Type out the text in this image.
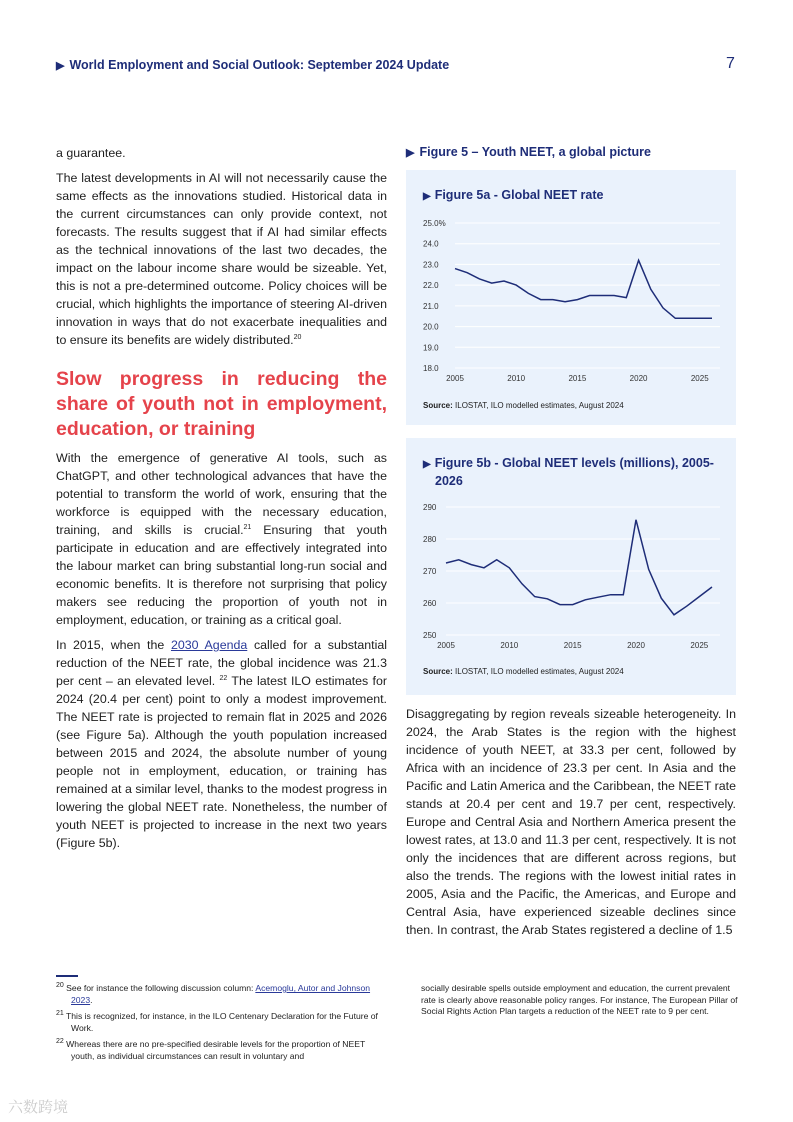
▶ World Employment and Social Outlook: September 2024 Update	7

a guarantee.

The latest developments in AI will not necessarily cause the same effects as the innovations studied. Historical data in the current circumstances can only provide context, not forecasts. The results suggest that if AI had similar effects as the technical innovations of the last two decades, the impact on the labour income share would be sizeable. Yet, this is not a pre-determined outcome. Policy choices will be crucial, which highlights the importance of steering AI-driven innovation in ways that do not exacerbate inequalities and to ensure its benefits are widely distributed.$^{20}$

Slow progress in reducing the share of youth not in employment, education, or training

With the emergence of generative AI tools, such as ChatGPT, and other technological advances that have the potential to transform the world of work, ensuring that the workforce is equipped with the necessary education, training, and skills is crucial.$^{21}$ Ensuring that youth participate in education and are effectively integrated into the labour market can bring substantial long-run social and economic benefits. It is therefore not surprising that policy makers see reducing the proportion of youth not in employment, education, or training as a critical goal.

In 2015, when the 2030 Agenda called for a substantial reduction of the NEET rate, the global incidence was 21.3 per cent – an elevated level. $^{22}$ The latest ILO estimates for 2024 (20.4 per cent) point to only a modest improvement. The NEET rate is projected to remain flat in 2025 and 2026 (see Figure 5a). Although the youth population increased between 2015 and 2024, the absolute number of young people not in employment, education, or training has remained at a similar level, thanks to the modest progress in lowering the global NEET rate. Nonetheless, the number of youth NEET is projected to increase in the next two years (Figure 5b).

▶ Figure 5 – Youth NEET, a global picture
▶ Figure 5a - Global NEET rate
18.0
19.0
20.0
21.0
22.0
23.0
24.0
25.0%
2005	2010	2015	2020	2025
Source: ILOSTAT, ILO modelled estimates, August 2024
▶ Figure 5b - Global NEET levels (millions), 2005-2026
250
260
270
280
290
2005	2010	2015	2020	2025
Source: ILOSTAT, ILO modelled estimates, August 2024

Disaggregating by region reveals sizeable heterogeneity. In 2024, the Arab States is the region with the highest incidence of youth NEET, at 33.3 per cent, followed by Africa with an incidence of 23.3 per cent. In Asia and the Pacific and Latin America and the Caribbean, the NEET rate stands at 20.4 per cent and 19.7 per cent, respectively. Europe and Central Asia and Northern America present the lowest rates, at 13.0 and 11.3 per cent, respectively. It is not only the incidences that are different across regions, but also the trends. The regions with the lowest initial rates in 2005, Asia and the Pacific, the Americas, and Europe and Central Asia, have experienced sizeable declines since then. In contrast, the Arab States registered a decline of 1.5

$^{20}$ See for instance the following discussion column: Acemoglu, Autor and Johnson 2023.

$^{21}$ This is recognized, for instance, in the ILO Centenary Declaration for the Future of Work.

$^{22}$ Whereas there are no pre-specified desirable levels for the proportion of NEET youth, as individual circumstances can result in voluntary and

socially desirable spells outside employment and education, the current prevalent rate is clearly above reasonable policy ranges. For instance, The European Pillar of Social Rights Action Plan targets a reduction of the NEET rate to 9 per cent.

六数跨境
